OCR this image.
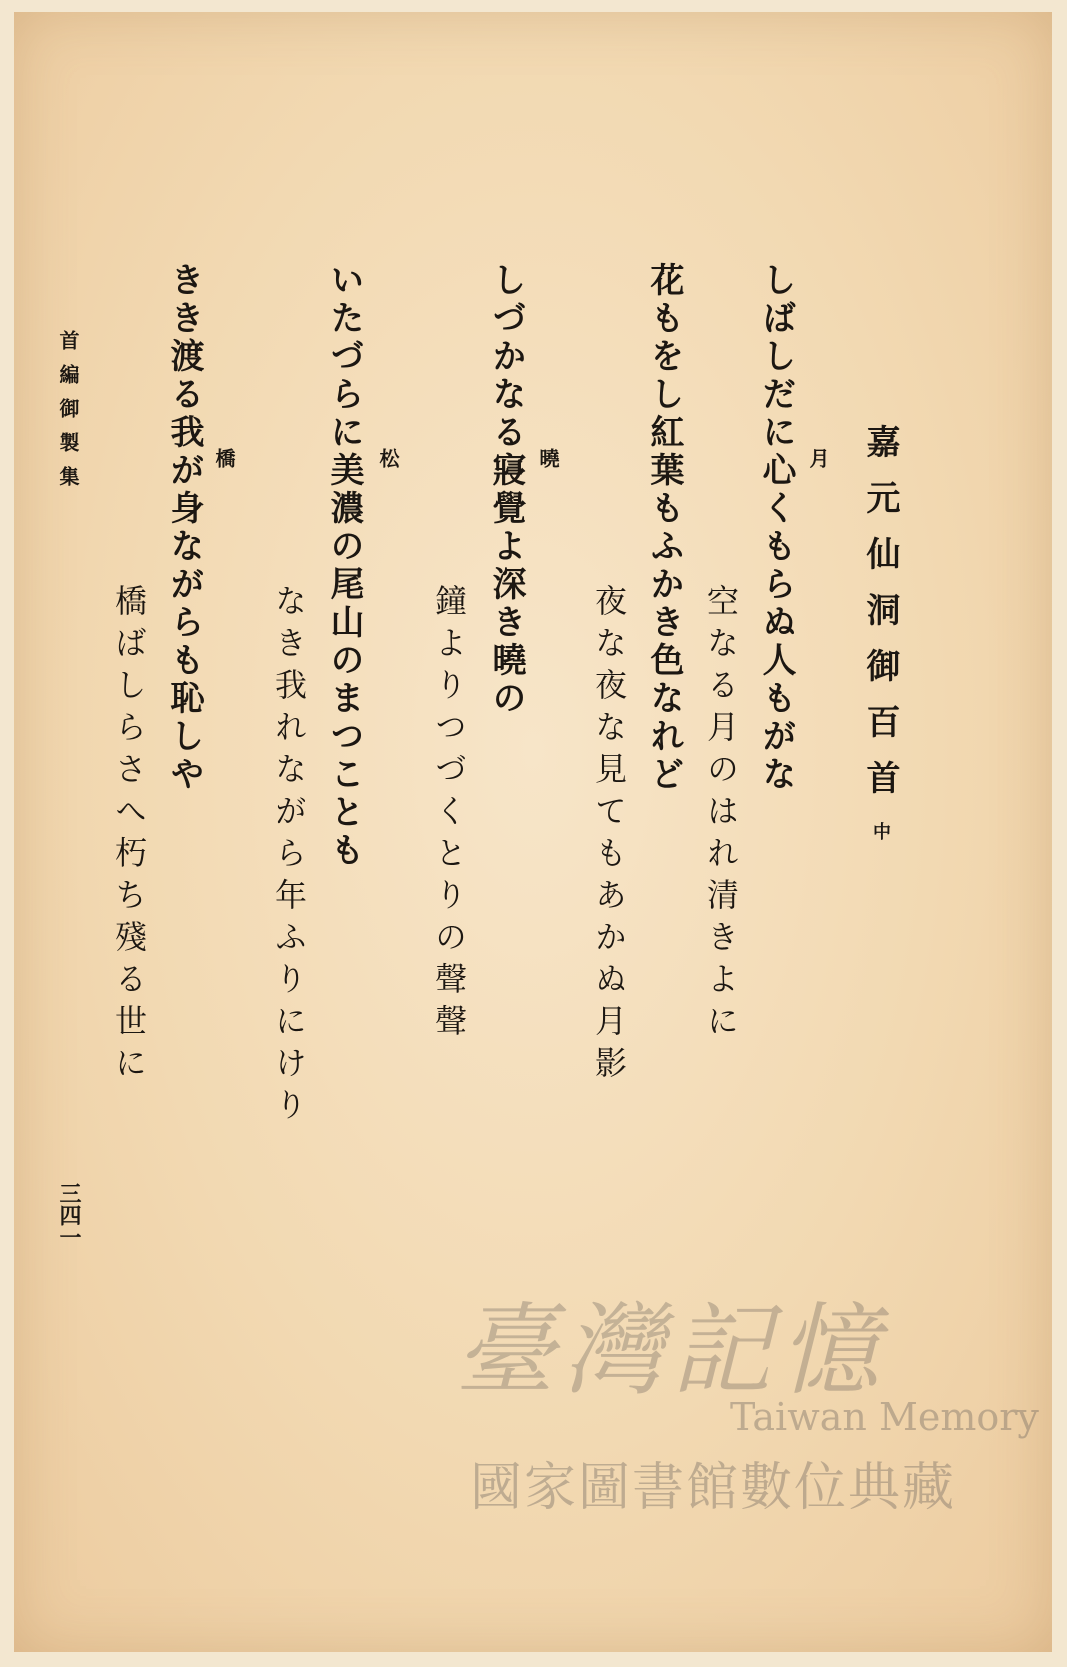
嘉元仙洞御百首中
月
しばしだに心くもらぬ人もがな
空なる月のはれ清きよに
花もをし紅葉もふかき色なれど
夜な夜な見てもあかぬ月影
曉
しづかなる寢覺よ深き曉の
鐘よりつづくとりの聲聲
松
いたづらに美濃の尾山のまつことも
なき我れながら年ふりにけり
橋
きき渡る我が身ながらも恥しや
橋ばしらさへ朽ち殘る世に
首編御製集
三四一
臺灣記憶
Taiwan Memory
國家圖書館數位典藏
